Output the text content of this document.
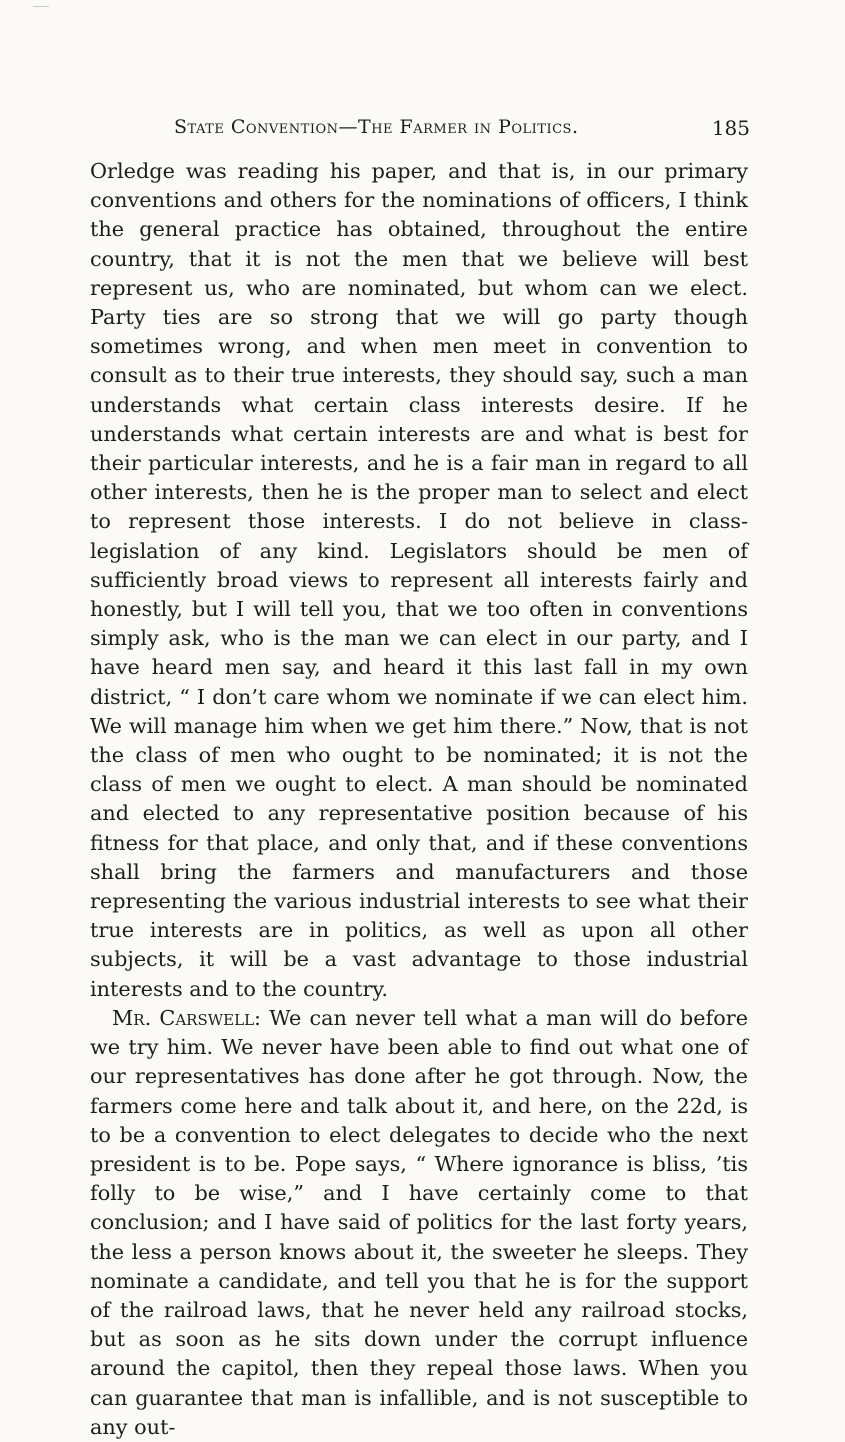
State Convention—The Farmer in Politics.	185

Orledge was reading his paper, and that is, in our primary conventions and others for the nominations of officers, I think the general practice has obtained, throughout the entire country, that it is not the men that we believe will best represent us, who are nominated, but whom can we elect. Party ties are so strong that we will go party though sometimes wrong, and when men meet in convention to consult as to their true interests, they should say, such a man understands what certain class interests desire. If he understands what certain interests are and what is best for their particular interests, and he is a fair man in regard to all other interests, then he is the proper man to select and elect to represent those interests. I do not believe in class-legislation of any kind. Legislators should be men of sufficiently broad views to represent all interests fairly and honestly, but I will tell you, that we too often in conventions simply ask, who is the man we can elect in our party, and I have heard men say, and heard it this last fall in my own district, “ I don’t care whom we nominate if we can elect him. We will manage him when we get him there.” Now, that is not the class of men who ought to be nominated; it is not the class of men we ought to elect. A man should be nominated and elected to any representative position because of his fitness for that place, and only that, and if these conventions shall bring the farmers and manufacturers and those representing the various industrial interests to see what their true interests are in politics, as well as upon all other subjects, it will be a vast advantage to those industrial interests and to the country.

Mr. Carswell: We can never tell what a man will do before we try him. We never have been able to find out what one of our representatives has done after he got through. Now, the farmers come here and talk about it, and here, on the 22d, is to be a convention to elect delegates to decide who the next president is to be. Pope says, “ Where ignorance is bliss, ’tis folly to be wise,” and I have certainly come to that conclusion; and I have said of politics for the last forty years, the less a person knows about it, the sweeter he sleeps. They nominate a candidate, and tell you that he is for the support of the railroad laws, that he never held any railroad stocks, but as soon as he sits down under the corrupt influence around the capitol, then they repeal those laws. When you can guarantee that man is infallible, and is not susceptible to any out-
